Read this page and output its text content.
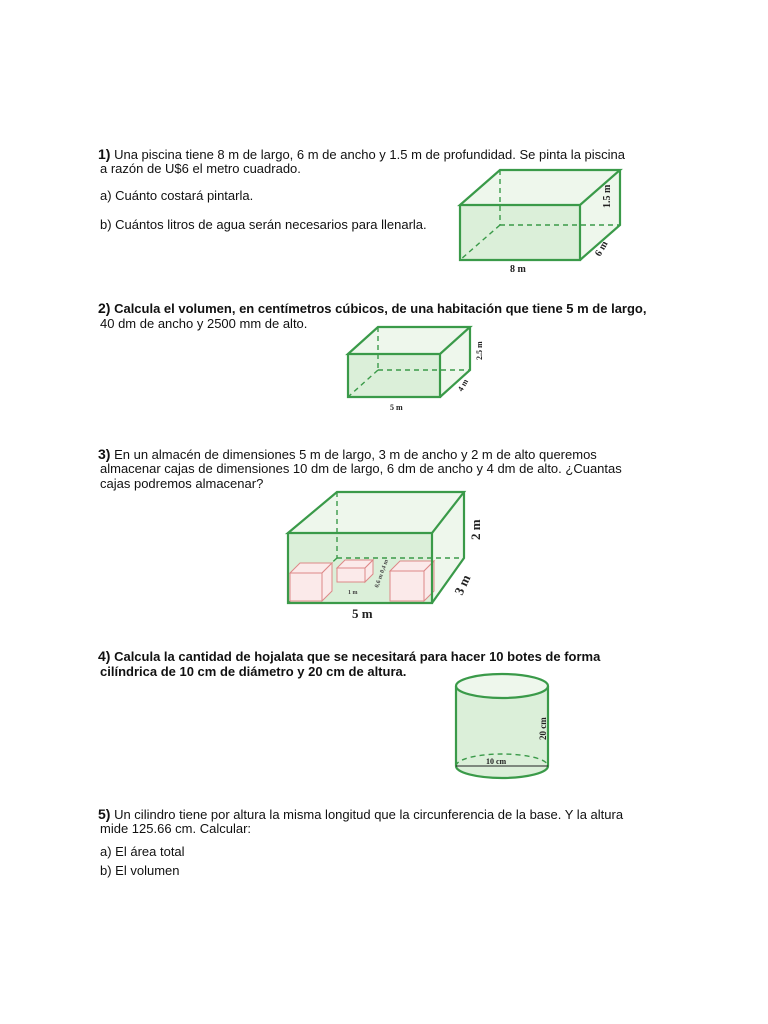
1) Una piscina tiene 8 m de largo, 6 m de ancho y 1.5 m de profundidad. Se pinta la piscina
a razón de U$6 el metro cuadrado.
a) Cuánto costará pintarla.
b) Cuántos litros de agua serán necesarios para llenarla.
8 m
1.5 m
6 m
2) Calcula el volumen, en centímetros cúbicos, de una habitación que tiene 5 m de largo,
40 dm de ancho y 2500 mm de alto.
5 m
2.5 m
4 m
3) En un almacén de dimensiones 5 m de largo, 3 m de ancho y 2 m de alto queremos
almacenar cajas de dimensiones 10 dm de largo, 6 dm de ancho y 4 dm de alto. ¿Cuantas
cajas podremos almacenar?
1 m
0,6 m 0,4 m
5 m
2 m
3 m
4) Calcula la cantidad de hojalata que se necesitará para hacer 10 botes de forma
cilíndrica de 10 cm de diámetro y 20 cm de altura.
10 cm
20 cm
5) Un cilindro tiene por altura la misma longitud que la circunferencia de la base. Y la altura
mide 125.66 cm. Calcular:
a) El área total
b) El volumen
